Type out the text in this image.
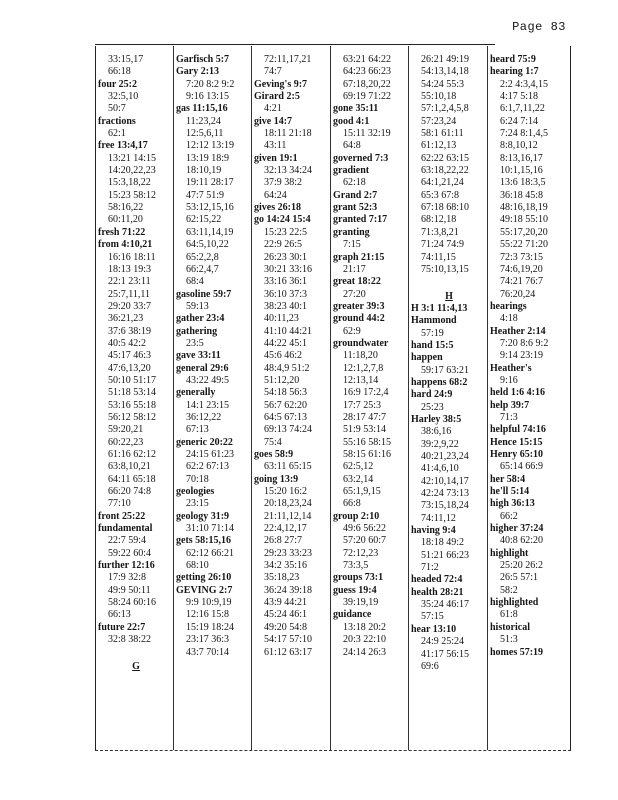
Page 83
33:15,17
66:18
four 25:2
32:5,10
50:7
fractions
62:1
free 13:4,17
13:21 14:15
14:20,22,23
15:3,18,22
15:23 58:12
58:16,22
60:11,20
fresh 71:22
from 4:10,21
16:16 18:11
18:13 19:3
22:1 23:11
25:7,11,11
29:20 33:7
36:21,23
37:6 38:19
40:5 42:2
45:17 46:3
47:6,13,20
50:10 51:17
51:18 53:14
53:16 55:18
56:12 58:12
59:20,21
60:22,23
61:16 62:12
63:8,10,21
64:11 65:18
66:20 74:8
77:10
front 25:22
fundamental
22:7 59:4
59:22 60:4
further 12:16
17:9 32:8
49:9 50:11
58:24 60:16
66:13
future 22:7
32:8 38:22
G
Garfisch 5:7
Gary 2:13
7:20 8:2 9:2
9:16 13:15
gas 11:15,16
11:23,24
12:5,6,11
12:12 13:19
13:19 18:9
18:10,19
19:11 28:17
47:7 51:9
53:12,15,16
62:15,22
63:11,14,19
64:5,10,22
65:2,2,8
66:2,4,7
68:4
gasoline 59:7
59:13
gather 23:4
gathering
23:5
gave 33:11
general 29:6
43:22 49:5
generally
14:1 23:15
36:12,22
67:13
generic 20:22
24:15 61:23
62:2 67:13
70:18
geologies
23:15
geology 31:9
31:10 71:14
gets 58:15,16
62:12 66:21
68:10
getting 26:10
GEVING 2:7
9:9 10:9,19
12:16 15:8
15:19 18:24
23:17 36:3
43:7 70:14
72:11,17,21
74:7
Geving's 9:7
Girard 2:5
4:21
give 14:7
18:11 21:18
43:11
given 19:1
32:13 34:24
37:9 38:2
64:24
gives 26:18
go 14:24 15:4
15:23 22:5
22:9 26:5
26:23 30:1
30:21 33:16
33:16 36:1
36:10 37:3
38:23 40:1
40:11,23
41:10 44:21
44:22 45:1
45:6 46:2
48:4,9 51:2
51:12,20
54:18 56:3
56:7 62:20
64:5 67:13
69:13 74:24
75:4
goes 58:9
63:11 65:15
going 13:9
15:20 16:2
20:18,23,24
21:11,12,14
22:4,12,17
26:8 27:7
29:23 33:23
34:2 35:16
35:18,23
36:24 39:18
43:9 44:21
45:24 46:1
49:20 54:8
54:17 57:10
61:12 63:17
63:21 64:22
64:23 66:23
67:18,20,22
69:19 71:22
gone 35:11
good 4:1
15:11 32:19
64:8
governed 7:3
gradient
62:18
Grand 2:7
grant 52:3
granted 7:17
granting
7:15
graph 21:15
21:17
great 18:22
27:20
greater 39:3
ground 44:2
62:9
groundwater
11:18,20
12:1,2,7,8
12:13,14
16:9 17:2,4
17:7 25:3
28:17 47:7
51:9 53:14
55:16 58:15
58:15 61:16
62:5,12
63:2,14
65:1,9,15
66:8
group 2:10
49:6 56:22
57:20 60:7
72:12,23
73:3,5
groups 73:1
guess 19:4
39:19,19
guidance
13:18 20:2
20:3 22:10
24:14 26:3
26:21 49:19
54:13,14,18
54:24 55:3
55:10,18
57:1,2,4,5,8
57:23,24
58:1 61:11
61:12,13
62:22 63:15
63:18,22,22
64:1,21,24
65:3 67:8
67:18 68:10
68:12,18
71:3,8,21
71:24 74:9
74:11,15
75:10,13,15
H
H 3:1 11:4,13
Hammond
57:19
hand 15:5
happen
59:17 63:21
happens 68:2
hard 24:9
25:23
Harley 38:5
38:6,16
39:2,9,22
40:21,23,24
41:4,6,10
42:10,14,17
42:24 73:13
73:15,18,24
74:11,12
having 9:4
18:18 49:2
51:21 66:23
71:2
headed 72:4
health 28:21
35:24 46:17
57:15
hear 13:10
24:9 25:24
41:17 56:15
69:6
heard 75:9
hearing 1:7
2:2 4:3,4,15
4:17 5:18
6:1,7,11,22
6:24 7:14
7:24 8:1,4,5
8:8,10,12
8:13,16,17
10:1,15,16
13:6 18:3,5
36:18 45:8
48:16,18,19
49:18 55:10
55:17,20,20
55:22 71:20
72:3 73:15
74:6,19,20
74:21 76:7
76:20,24
hearings
4:18
Heather 2:14
7:20 8:6 9:2
9:14 23:19
Heather's
9:16
held 1:6 4:16
help 39:7
71:3
helpful 74:16
Hence 15:15
Henry 65:10
65:14 66:9
her 58:4
he'll 5:14
high 36:13
66:2
higher 37:24
40:8 62:20
highlight
25:20 26:2
26:5 57:1
58:2
highlighted
61:8
historical
51:3
homes 57:19
